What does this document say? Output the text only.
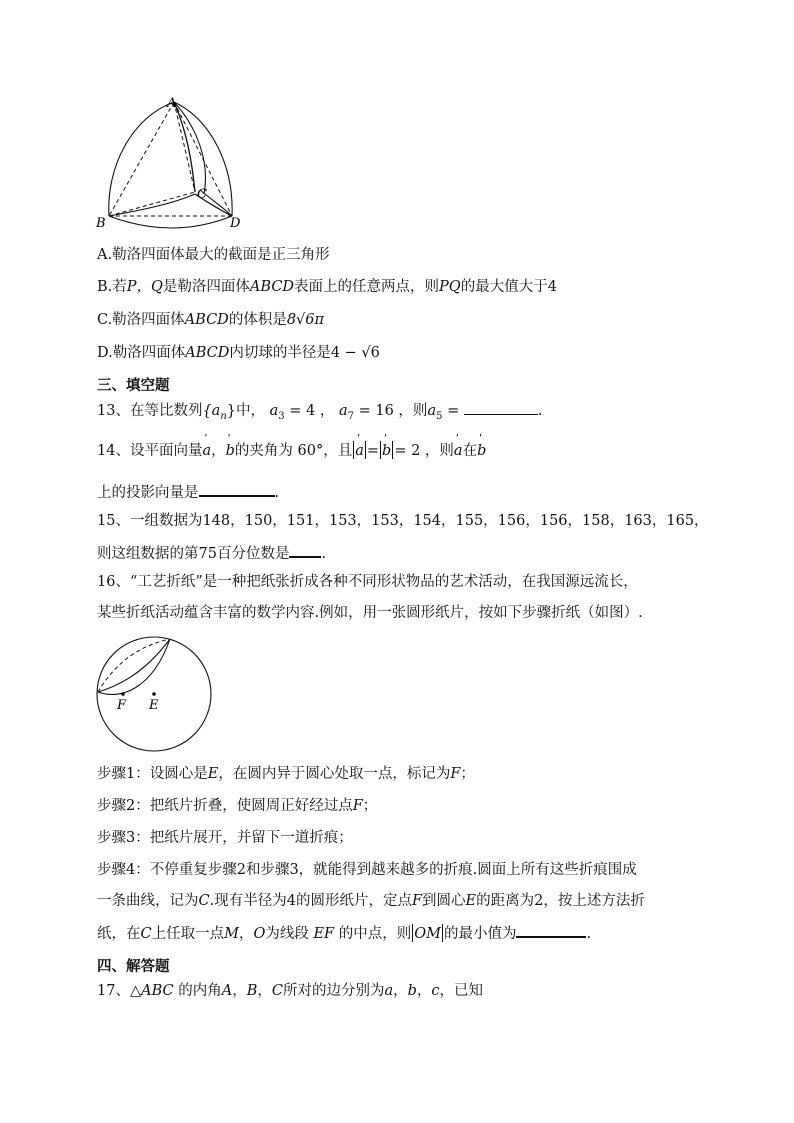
A
B
C
D
A.勒洛四面体最大的截面是正三角形
B.若P，Q是勒洛四面体ABCD表面上的任意两点，则PQ的最大值大于4
C.勒洛四面体ABCD的体积是8√6π
D.勒洛四面体ABCD内切球的半径是4 − √6
三、填空题
13、在等比数列$\{a_n\}$中， $a_3 = 4$ ， $a_7 = 16$ ，则$a_5$ =	.
14、设平面向量ˈ a，ˈ b的夹角为 60°，且 ˈ a = ˈ b = 2 ，则ˈ a在ˈ b
上的投影向量是	.
15、一组数据为148，150，151，153，153，154，155，156，156，158，163，165，
则这组数据的第75百分位数是 .
16、“工艺折纸”是一种把纸张折成各种不同形状物品的艺术活动，在我国源远流长，
某些折纸活动蕴含丰富的数学内容.例如，用一张圆形纸片，按如下步骤折纸（如图）.
F E
步骤1：设圆心是E，在圆内异于圆心处取一点，标记为F；
步骤2：把纸片折叠，使圆周正好经过点F；
步骤3：把纸片展开，并留下一道折痕；
步骤4：不停重复步骤2和步骤3，就能得到越来越多的折痕.圆面上所有这些折痕围成
一条曲线，记为C.现有半径为4的圆形纸片，定点F到圆心E的距离为2，按上述方法折
纸，在C上任取一点M，O为线段 EF 的中点，则 OM 的最小值为	.
四、解答题
17、△ABC 的内角A，B，C所对的边分别为a，b，c，已知
